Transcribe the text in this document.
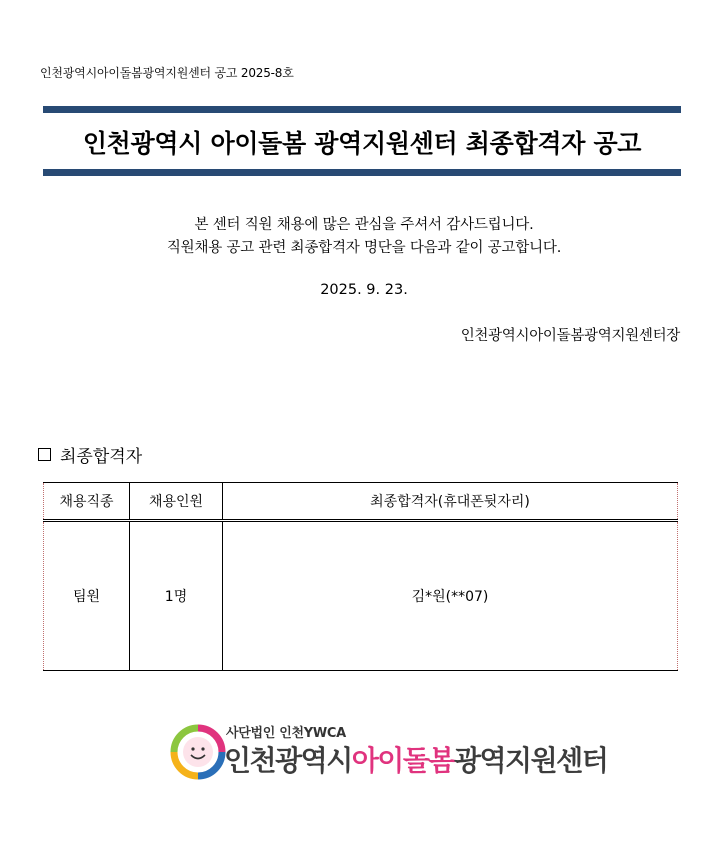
인천광역시아이돌봄광역지원센터 공고 2025-8호
인천광역시 아이돌봄 광역지원센터 최종합격자 공고
본 센터 직원 채용에 많은 관심을 주셔서 감사드립니다.
직원채용 공고 관련 최종합격자 명단을 다음과 같이 공고합니다.
2025. 9. 23.
인천광역시아이돌봄광역지원센터장
최종합격자
채용직종	채용인원	최종합격자(휴대폰뒷자리)
팀원	1명	김*원(**07)
사단법인 인천YWCA
인천광역시아이돌봄광역지원센터
